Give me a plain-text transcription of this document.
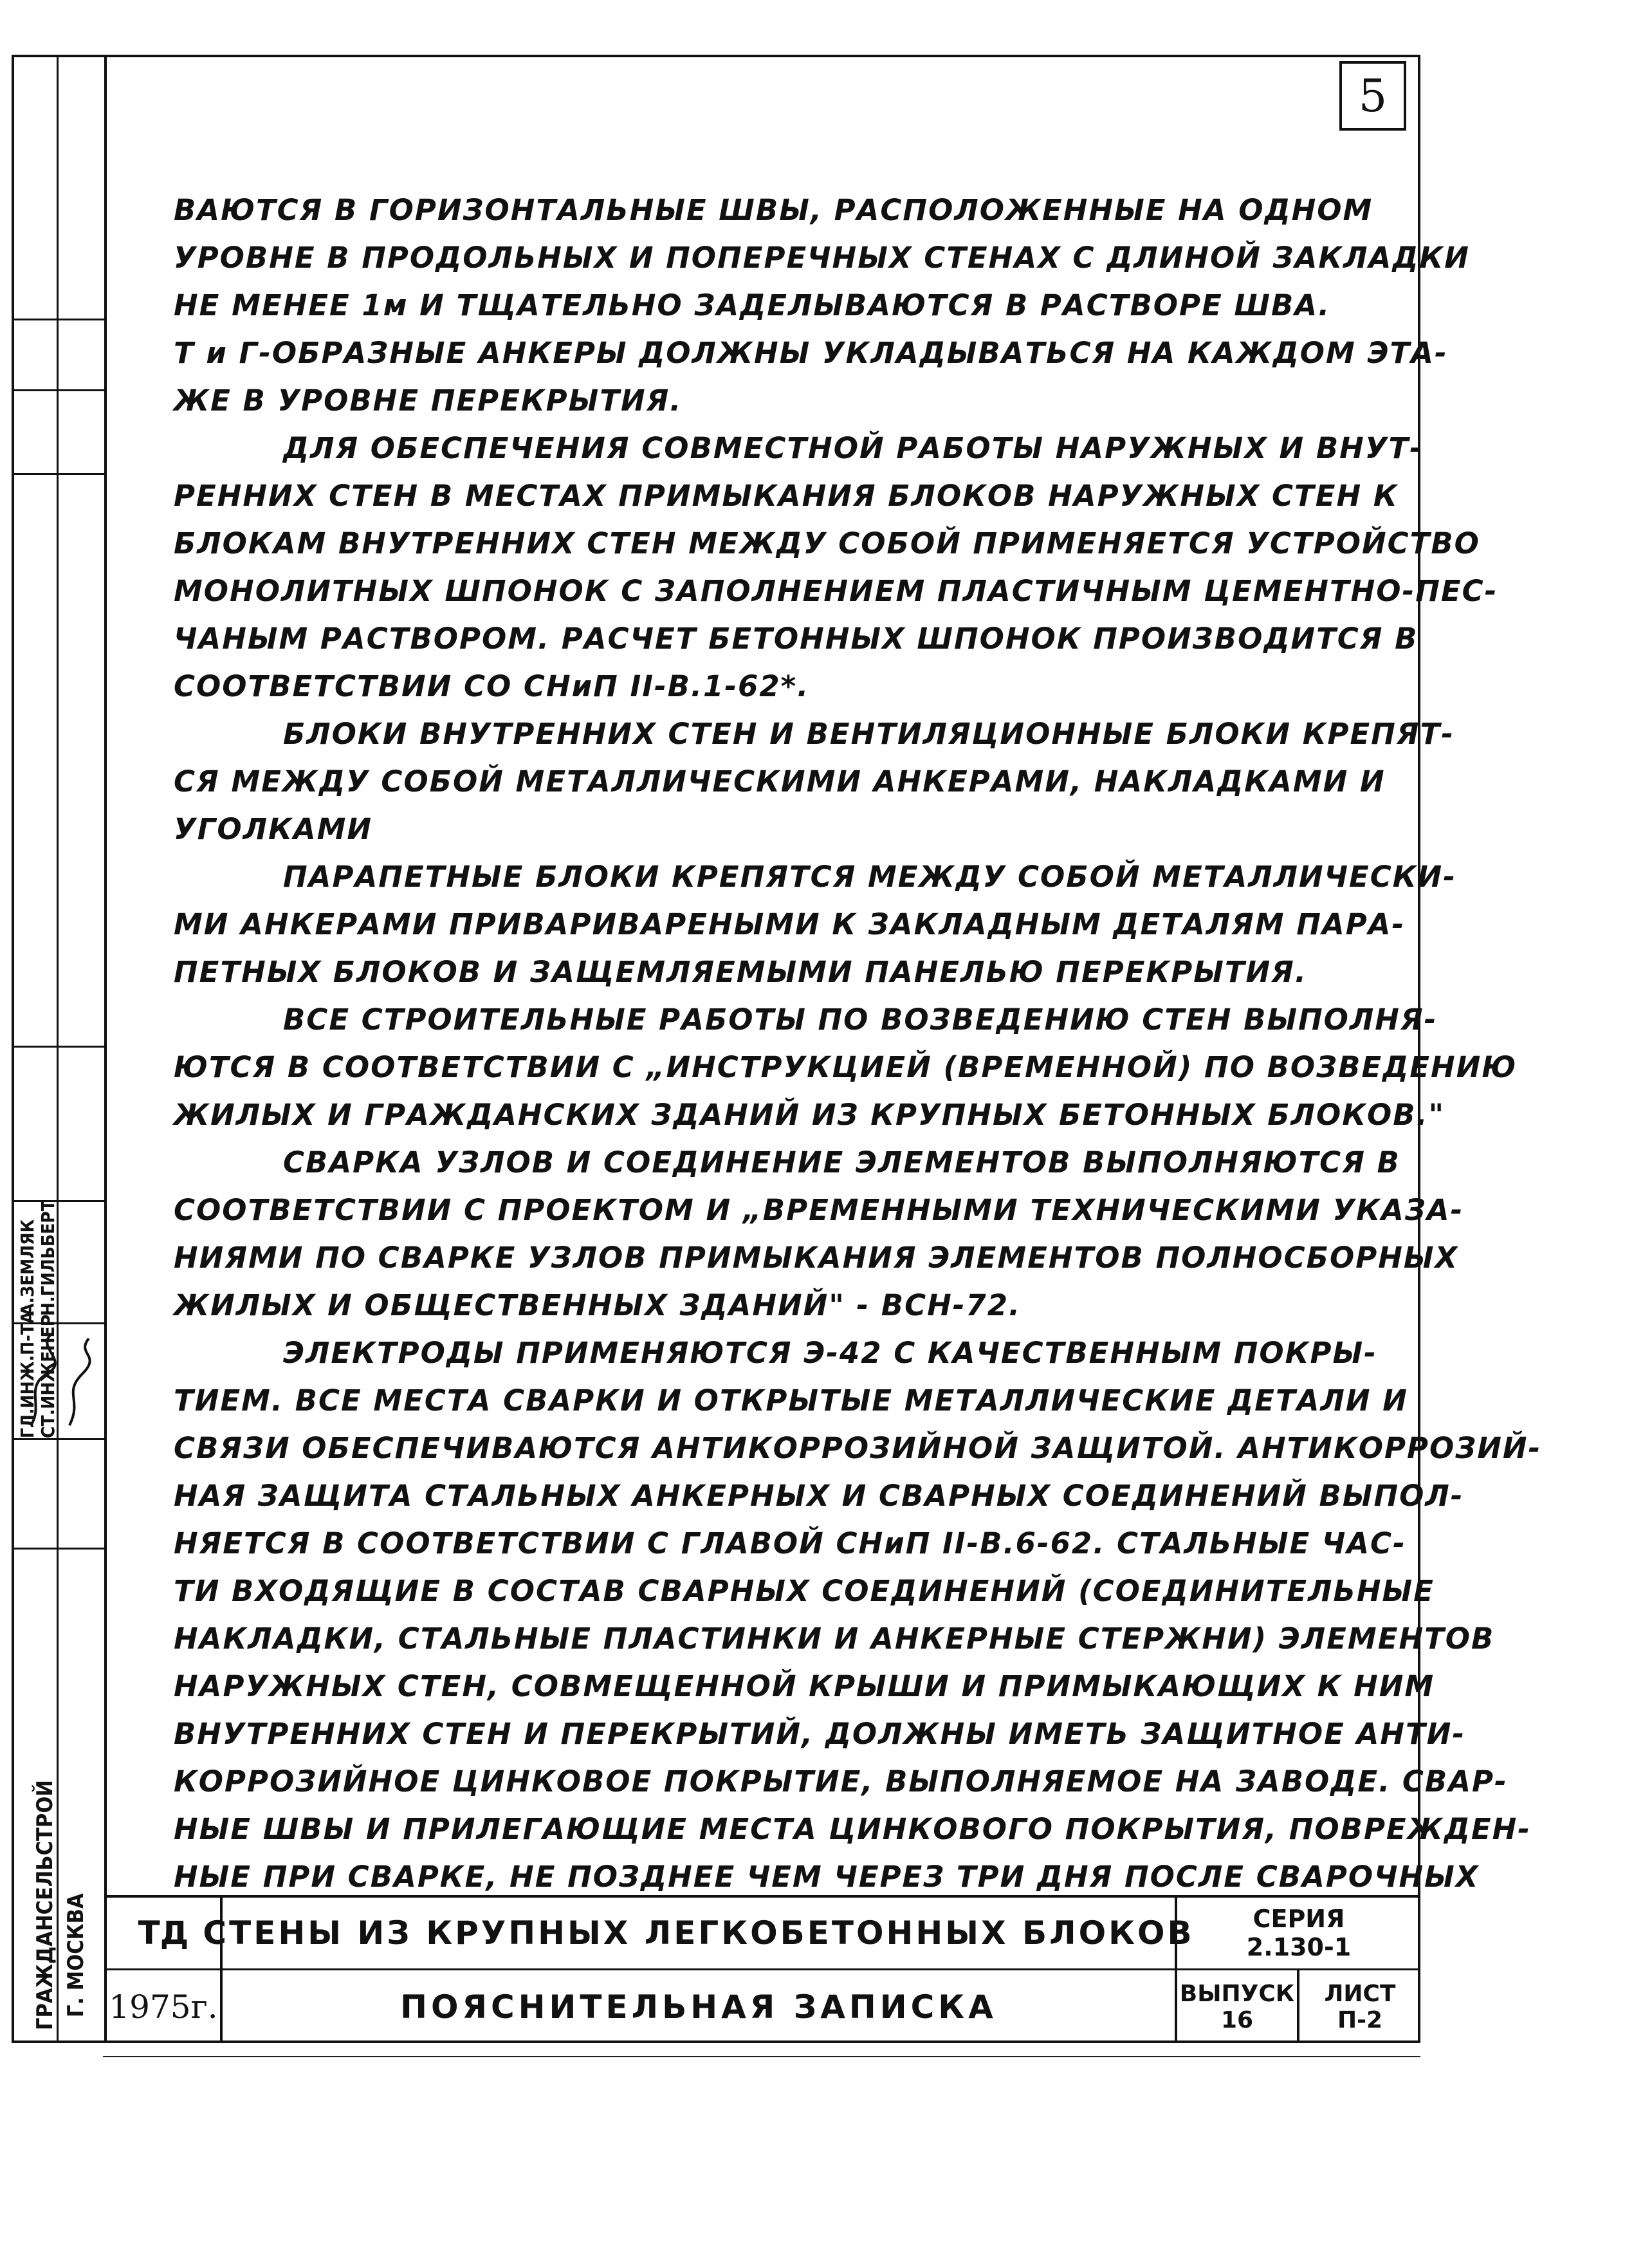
ГЛ.ИНЖ.П-ТА СТ.ИНЖЕНЕР
А.ЗЕМЛЯК Н.ГИЛЬБЕРТ
ГРАЖДАНСЕЛЬСТРОЙ Г. МОСКВА
5
ВАЮТСЯ В ГОРИЗОНТАЛЬНЫЕ ШВЫ, РАСПОЛОЖЕННЫЕ НА ОДНОМ
УРОВНЕ В ПРОДОЛЬНЫХ И ПОПЕРЕЧНЫХ СТЕНАХ С ДЛИНОЙ ЗАКЛАДКИ
НЕ МЕНЕЕ 1м И ТЩАТЕЛЬНО ЗАДЕЛЫВАЮТСЯ В РАСТВОРЕ ШВА.
Т и Г-ОБРАЗНЫЕ АНКЕРЫ ДОЛЖНЫ УКЛАДЫВАТЬСЯ НА КАЖДОМ ЭТА-
ЖЕ В УРОВНЕ ПЕРЕКРЫТИЯ.
ДЛЯ ОБЕСПЕЧЕНИЯ СОВМЕСТНОЙ РАБОТЫ НАРУЖНЫХ И ВНУТ-
РЕННИХ СТЕН В МЕСТАХ ПРИМЫКАНИЯ БЛОКОВ НАРУЖНЫХ СТЕН К
БЛОКАМ ВНУТРЕННИХ СТЕН МЕЖДУ СОБОЙ ПРИМЕНЯЕТСЯ УСТРОЙСТВО
МОНОЛИТНЫХ ШПОНОК С ЗАПОЛНЕНИЕМ ПЛАСТИЧНЫМ ЦЕМЕНТНО-ПЕС-
ЧАНЫМ РАСТВОРОМ. РАСЧЕТ БЕТОННЫХ ШПОНОК ПРОИЗВОДИТСЯ В
СООТВЕТСТВИИ СО СНиП II-В.1-62*.
БЛОКИ ВНУТРЕННИХ СТЕН И ВЕНТИЛЯЦИОННЫЕ БЛОКИ КРЕПЯТ-
СЯ МЕЖДУ СОБОЙ МЕТАЛЛИЧЕСКИМИ АНКЕРАМИ, НАКЛАДКАМИ И
УГОЛКАМИ
ПАРАПЕТНЫЕ БЛОКИ КРЕПЯТСЯ МЕЖДУ СОБОЙ МЕТАЛЛИЧЕСКИ-
МИ АНКЕРАМИ ПРИВАРИВАРЕНЫМИ К ЗАКЛАДНЫМ ДЕТАЛЯМ ПАРА-
ПЕТНЫХ БЛОКОВ И ЗАЩЕМЛЯЕМЫМИ ПАНЕЛЬЮ ПЕРЕКРЫТИЯ.
ВСЕ СТРОИТЕЛЬНЫЕ РАБОТЫ ПО ВОЗВЕДЕНИЮ СТЕН ВЫПОЛНЯ-
ЮТСЯ В СООТВЕТСТВИИ С „ИНСТРУКЦИЕЙ (ВРЕМЕННОЙ) ПО ВОЗВЕДЕНИЮ
ЖИЛЫХ И ГРАЖДАНСКИХ ЗДАНИЙ ИЗ КРУПНЫХ БЕТОННЫХ БЛОКОВ."
СВАРКА УЗЛОВ И СОЕДИНЕНИЕ ЭЛЕМЕНТОВ ВЫПОЛНЯЮТСЯ В
СООТВЕТСТВИИ С ПРОЕКТОМ И „ВРЕМЕННЫМИ ТЕХНИЧЕСКИМИ УКАЗА-
НИЯМИ ПО СВАРКЕ УЗЛОВ ПРИМЫКАНИЯ ЭЛЕМЕНТОВ ПОЛНОСБОРНЫХ
ЖИЛЫХ И ОБЩЕСТВЕННЫХ ЗДАНИЙ" - ВСН-72.
ЭЛЕКТРОДЫ ПРИМЕНЯЮТСЯ Э-42 С КАЧЕСТВЕННЫМ ПОКРЫ-
ТИЕМ. ВСЕ МЕСТА СВАРКИ И ОТКРЫТЫЕ МЕТАЛЛИЧЕСКИЕ ДЕТАЛИ И
СВЯЗИ ОБЕСПЕЧИВАЮТСЯ АНТИКОРРОЗИЙНОЙ ЗАЩИТОЙ. АНТИКОРРОЗИЙ-
НАЯ ЗАЩИТА СТАЛЬНЫХ АНКЕРНЫХ И СВАРНЫХ СОЕДИНЕНИЙ ВЫПОЛ-
НЯЕТСЯ В СООТВЕТСТВИИ С ГЛАВОЙ СНиП II-В.6-62. СТАЛЬНЫЕ ЧАС-
ТИ ВХОДЯЩИЕ В СОСТАВ СВАРНЫХ СОЕДИНЕНИЙ (СОЕДИНИТЕЛЬНЫЕ
НАКЛАДКИ, СТАЛЬНЫЕ ПЛАСТИНКИ И АНКЕРНЫЕ СТЕРЖНИ) ЭЛЕМЕНТОВ
НАРУЖНЫХ СТЕН, СОВМЕЩЕННОЙ КРЫШИ И ПРИМЫКАЮЩИХ К НИМ
ВНУТРЕННИХ СТЕН И ПЕРЕКРЫТИЙ, ДОЛЖНЫ ИМЕТЬ ЗАЩИТНОЕ АНТИ-
КОРРОЗИЙНОЕ ЦИНКОВОЕ ПОКРЫТИЕ, ВЫПОЛНЯЕМОЕ НА ЗАВОДЕ. СВАР-
НЫЕ ШВЫ И ПРИЛЕГАЮЩИЕ МЕСТА ЦИНКОВОГО ПОКРЫТИЯ, ПОВРЕЖДЕН-
НЫЕ ПРИ СВАРКЕ, НЕ ПОЗДНЕЕ ЧЕМ ЧЕРЕЗ ТРИ ДНЯ ПОСЛЕ СВАРОЧНЫХ
ТД
1975г.
СТЕНЫ ИЗ КРУПНЫХ ЛЕГКОБЕТОННЫХ БЛОКОВ
ПОЯСНИТЕЛЬНАЯ ЗАПИСКА
СЕРИЯ
2.130-1
ВЫПУСК
16
ЛИСТ
П-2
